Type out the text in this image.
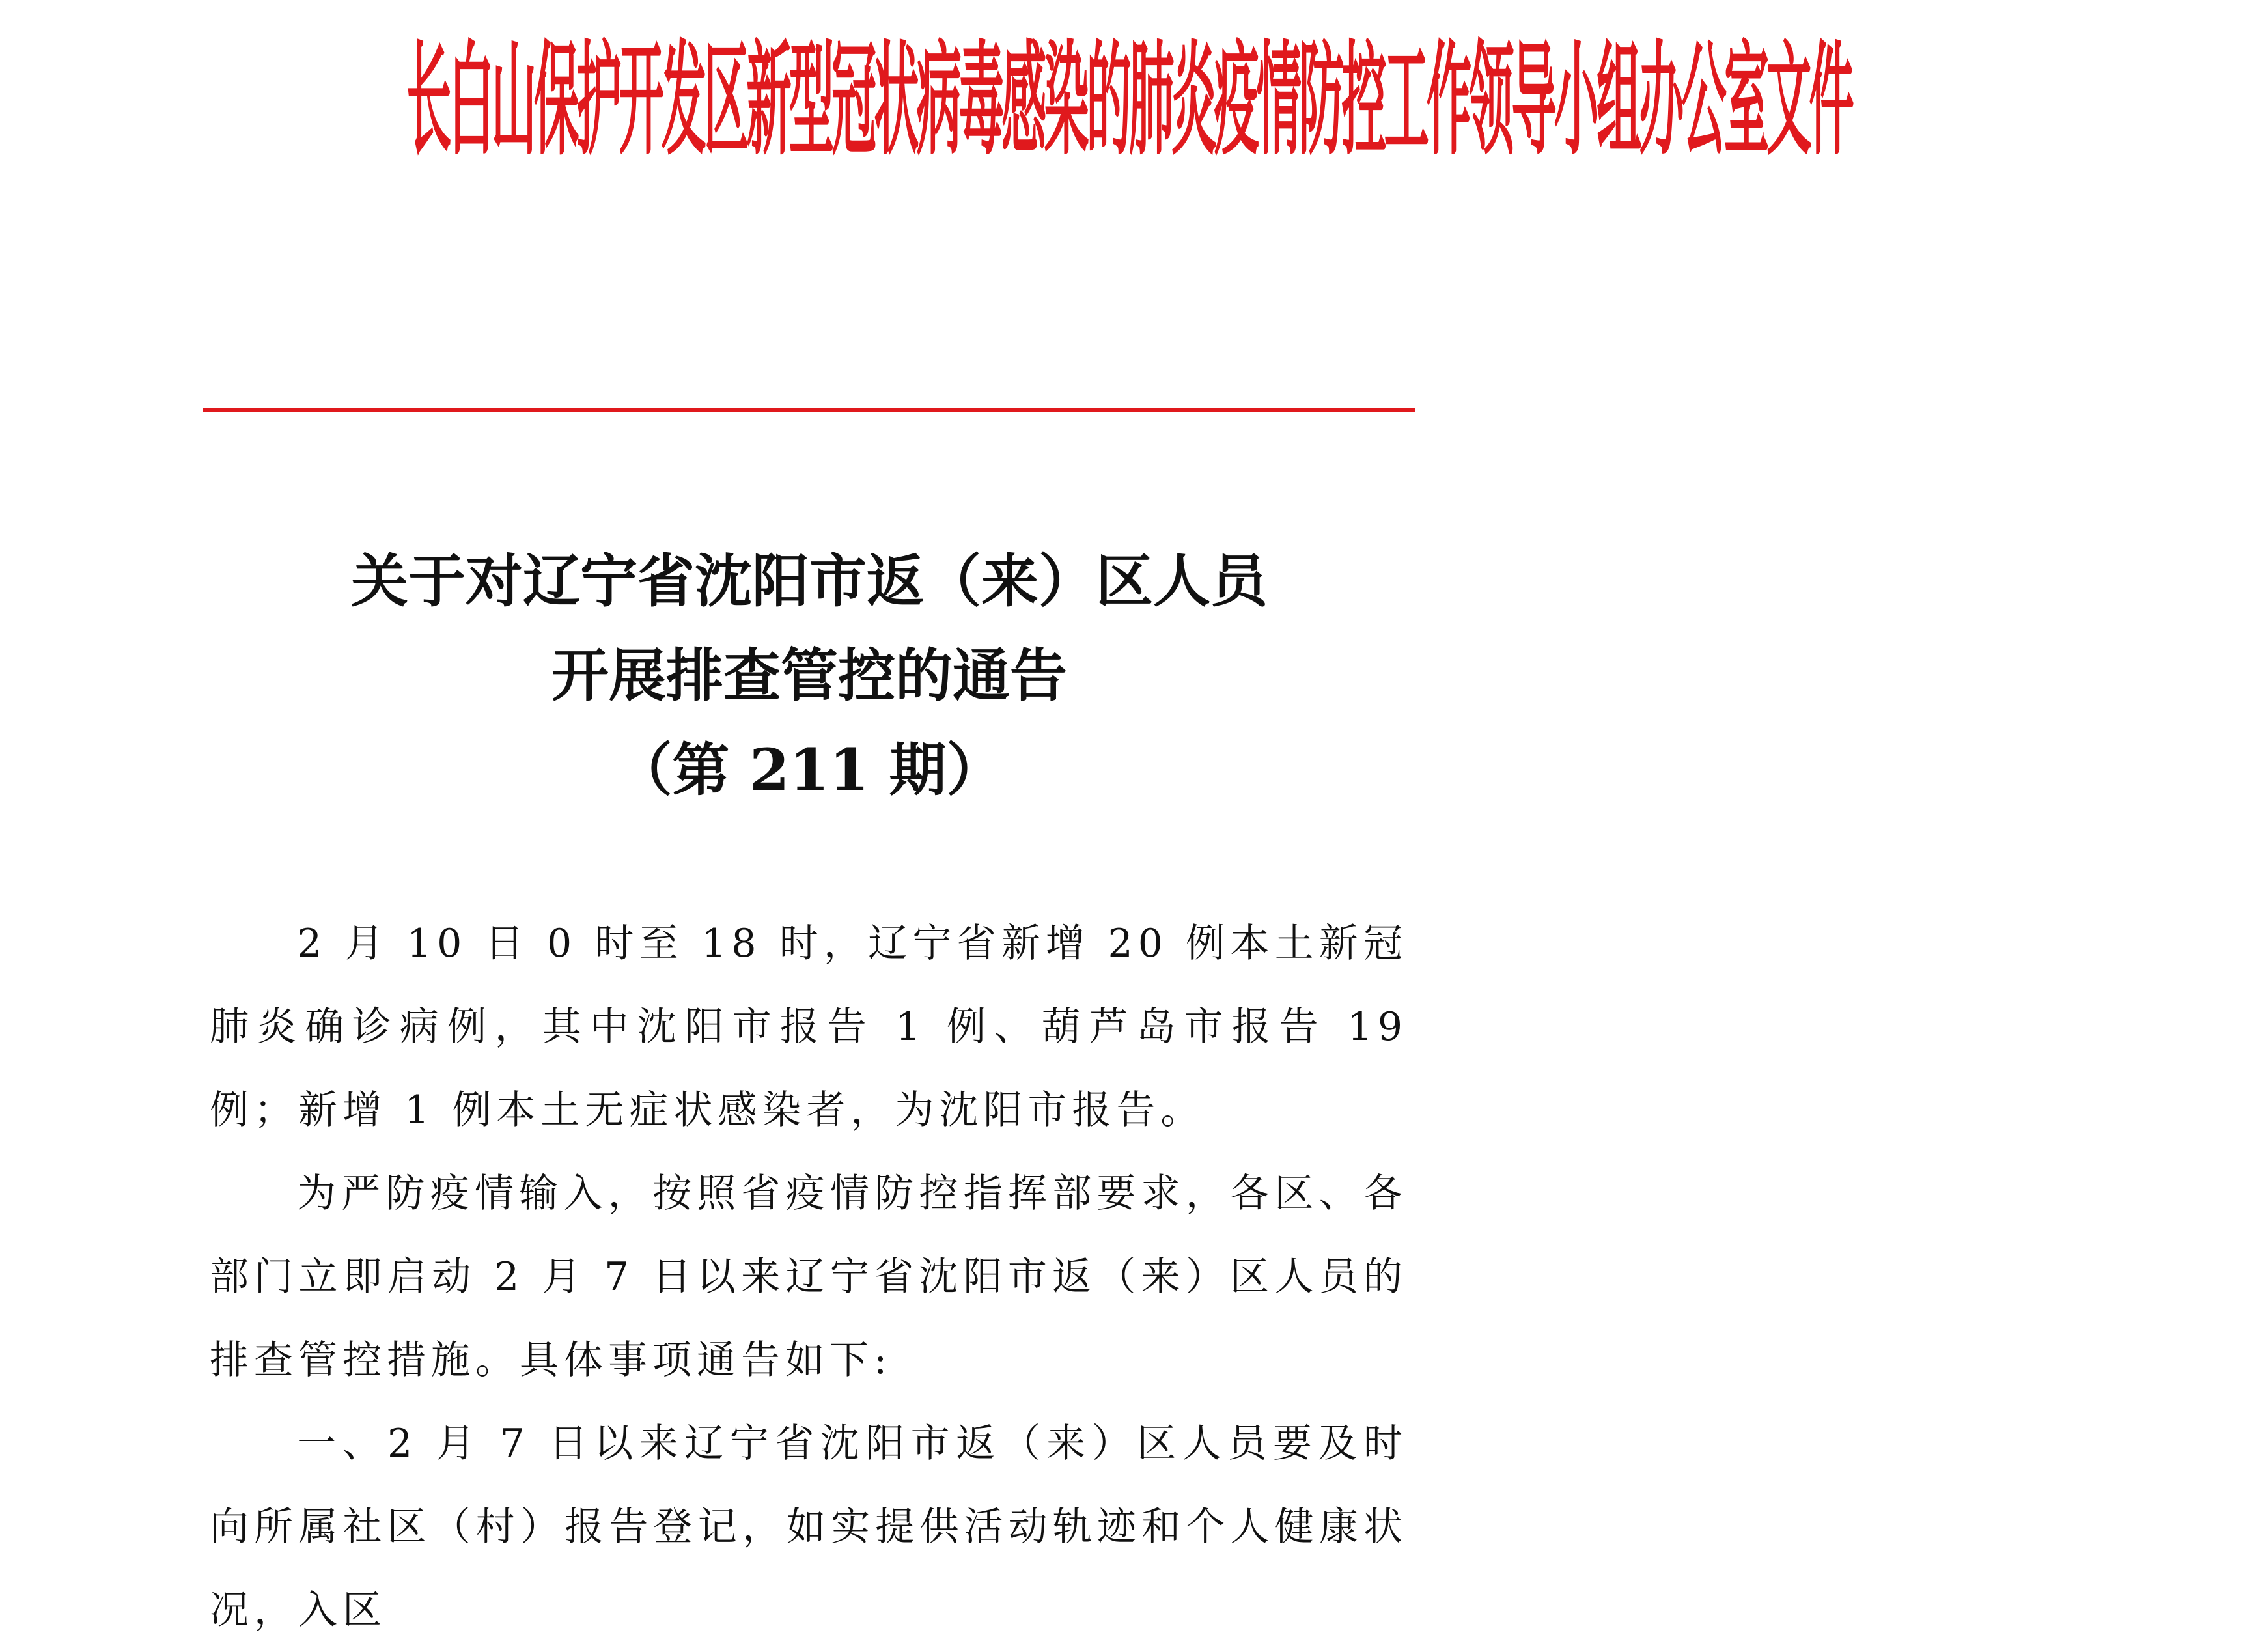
长白山保护开发区新型冠状病毒感染的肺炎疫情防控工作领导小组办公室文件
关于对辽宁省沈阳市返（来）区人员
开展排查管控的通告
（第 211 期）

2 月 10 日 0 时至 18 时，辽宁省新增 20 例本土新冠肺炎确诊病例，其中沈阳市报告 1 例、葫芦岛市报告 19 例；新增 1 例本土无症状感染者，为沈阳市报告。

为严防疫情输入，按照省疫情防控指挥部要求，各区、各部门立即启动 2 月 7 日以来辽宁省沈阳市返（来）区人员的排查管控措施。具体事项通告如下:

一、2 月 7 日以来辽宁省沈阳市返（来）区人员要及时向所属社区（村）报告登记，如实提供活动轨迹和个人健康状况，入区
